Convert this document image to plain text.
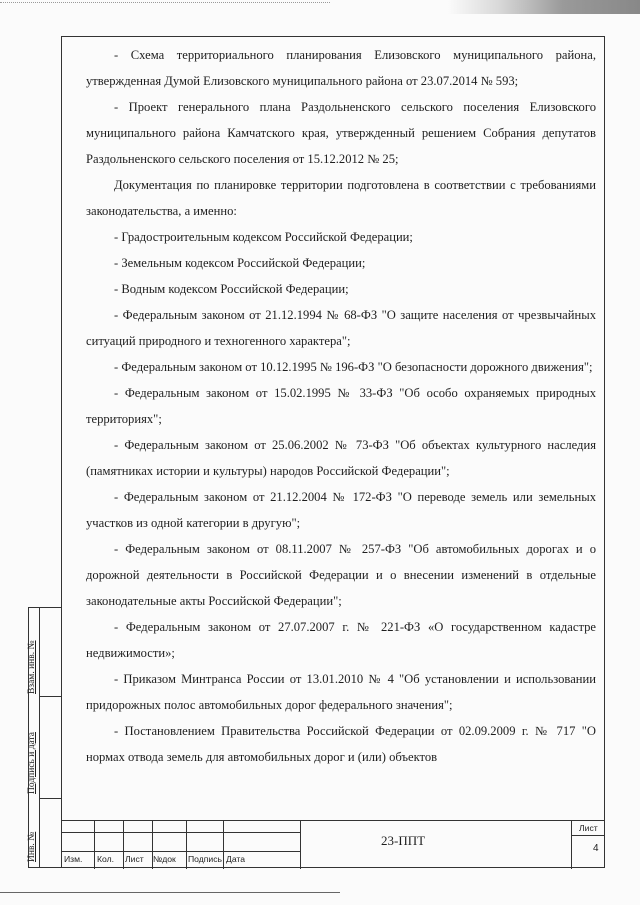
- Схема территориального планирования Елизовского муниципального района, утвержденная Думой Елизовского муниципального района от 23.07.2014 № 593;

- Проект генерального плана Раздольненского сельского поселения Елизовского муниципального района Камчатского края, утвержденный решением Собрания депутатов Раздольненского сельского поселения от 15.12.2012 № 25;

Документация по планировке территории подготовлена в соответствии с требованиями законодательства, а именно:

- Градостроительным кодексом Российской Федерации;

- Земельным кодексом Российской Федерации;

- Водным кодексом Российской Федерации;

- Федеральным законом от 21.12.1994 № 68-ФЗ "О защите населения от чрезвычайных ситуаций природного и техногенного характера";

- Федеральным законом от 10.12.1995 № 196-ФЗ "О безопасности дорожного движения";

- Федеральным законом от 15.02.1995 № 33-ФЗ "Об особо охраняемых природных территориях";

- Федеральным законом от 25.06.2002 № 73-ФЗ "Об объектах культурного наследия (памятниках истории и культуры) народов Российской Федерации";

- Федеральным законом от 21.12.2004 № 172-ФЗ "О переводе земель или земельных участков из одной категории в другую";

- Федеральным законом от 08.11.2007 № 257-ФЗ "Об автомобильных дорогах и о дорожной деятельности в Российской Федерации и о внесении изменений в отдельные законодательные акты Российской Федерации";

- Федеральным законом от 27.07.2007 г. № 221-ФЗ «О государственном кадастре недвижимости»;

- Приказом Минтранса России от 13.01.2010 № 4 "Об установлении и использовании придорожных полос автомобильных дорог федерального значения";

- Постановлением Правительства Российской Федерации от 02.09.2009 г. № 717 "О нормах отвода земель для автомобильных дорог и (или) объектов

Взам. инв. №
Подпись и дата
Инв. №	Изм. Кол. Лист №док Подпись Дата
23-ППТ
Лист
4
